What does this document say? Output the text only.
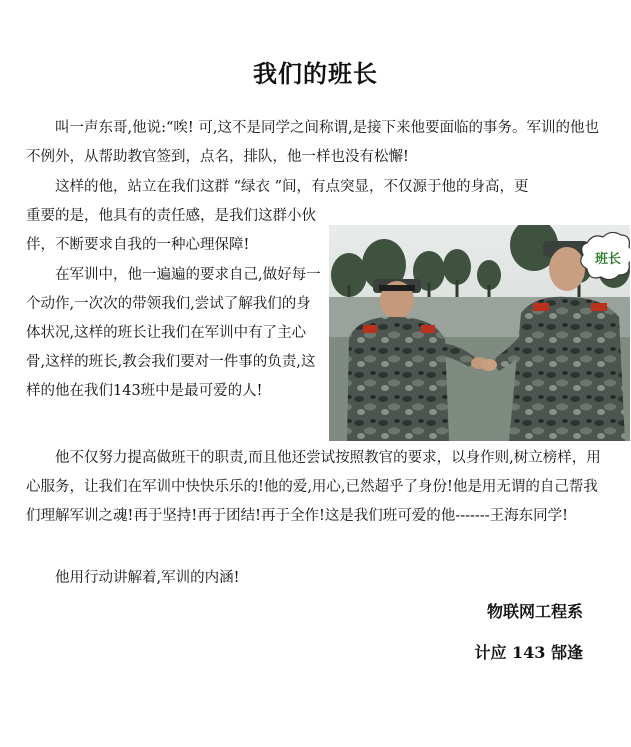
我们的班长

叫一声东哥,他说:“唉! 可,这不是同学之间称谓,是接下来他要面临的事务。军训的他也不例外，从帮助教官签到，点名，排队，他一样也没有松懈!

这样的他，站立在我们这群 “绿衣 ”间，有点突显，不仅源于他的身高，更

重要的是，他具有的责任感，是我们这群小伙伴，不断要求自我的一种心理保障!

在军训中，他一遍遍的要求自己,做好每一个动作,一次次的带领我们,尝试了解我们的身体状况,这样的班长让我们在军训中有了主心骨,这样的班长,教会我们要对一件事的负责,这样的他在我们143班中是最可爱的人!

班长

他不仅努力提高做班干的职责,而且他还尝试按照教官的要求，以身作则,树立榜样，用心服务，让我们在军训中快快乐乐的!他的爱,用心,已然超乎了身份!他是用无谓的自己帮我们理解军训之魂!再于坚持!再于团结!再于全作!这是我们班可爱的他-------王海东同学!

他用行动讲解着,军训的内涵!

物联网工程系
计应 143 郜逢
